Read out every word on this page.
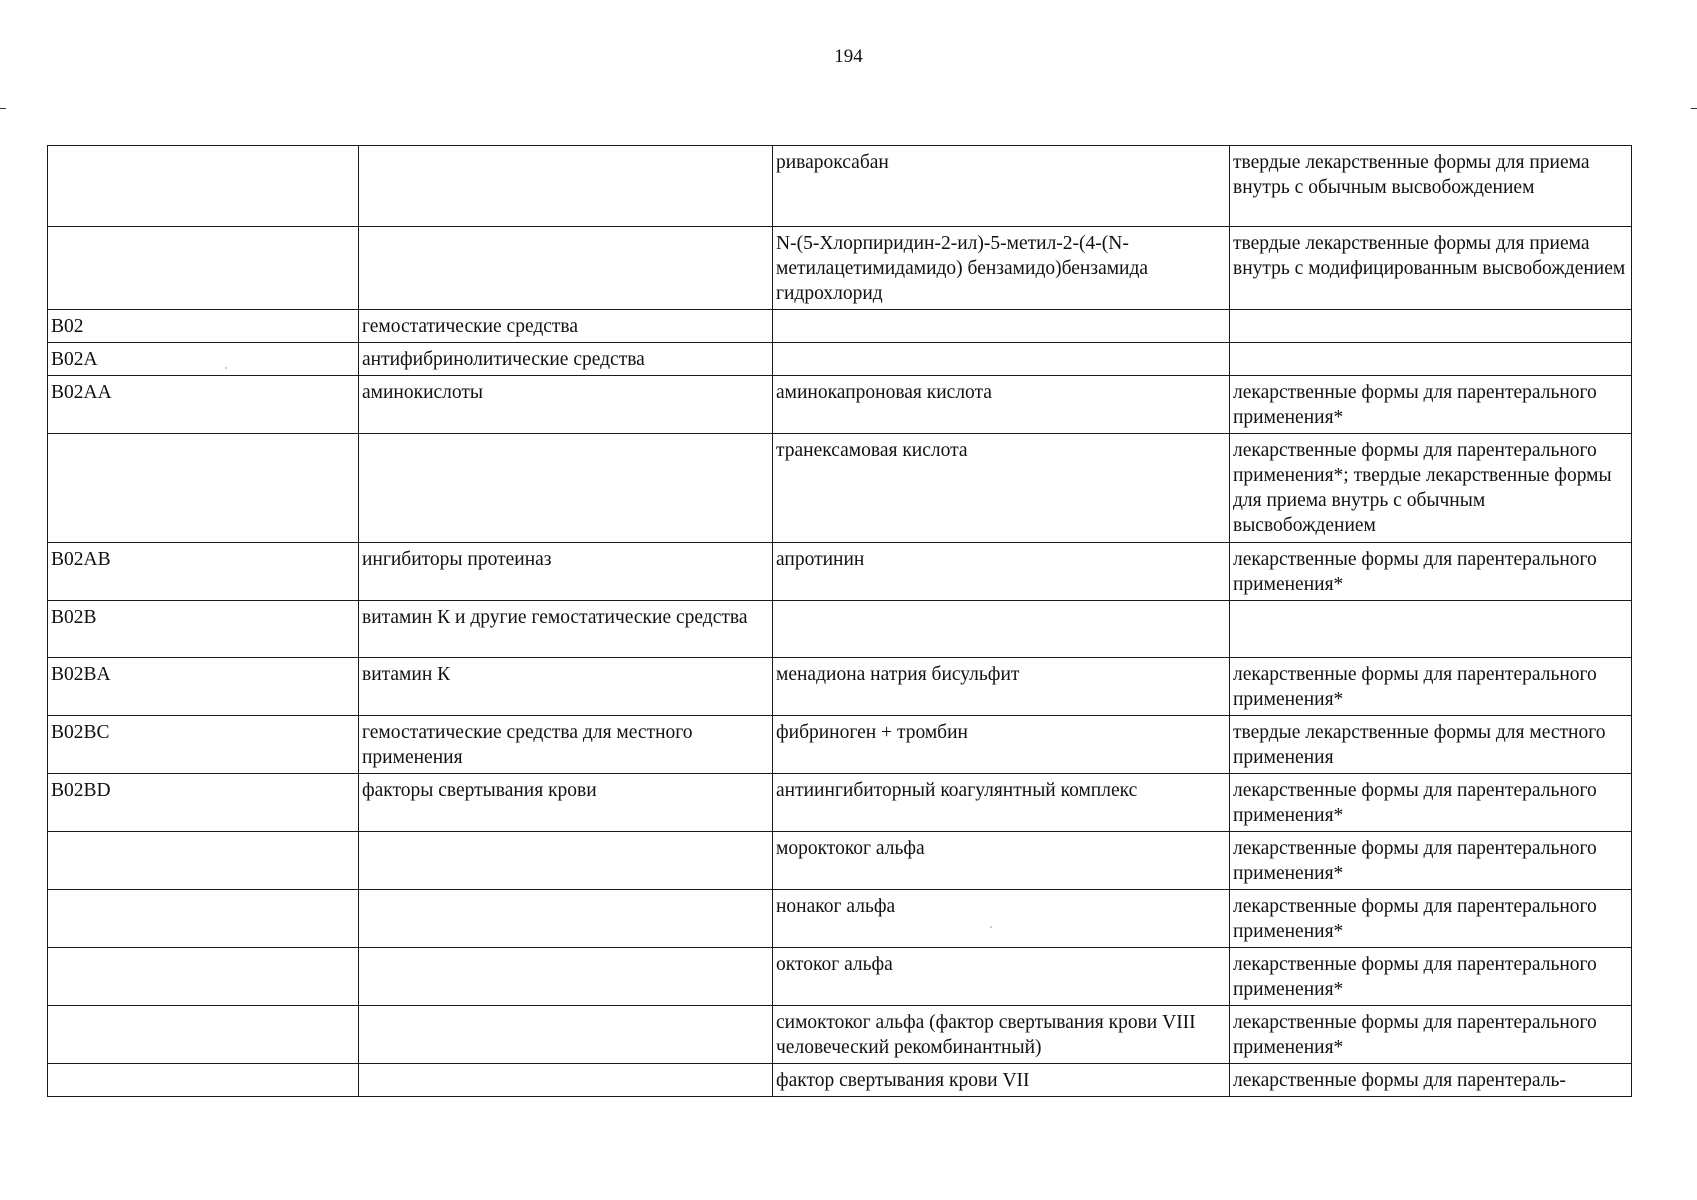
194
		ривароксабан	твердые лекарственные формы для приема внутрь с обычным высвобождением
		N-(5-Хлорпиридин-2-ил)-5-метил-2-(4-(N- метилацетимидамидо) бензамидо)бензамида гидрохлорид	твердые лекарственные формы для приема внутрь с модифицированным высвобождением
B02	гемостатические средства		
B02A	антифибринолитические средства		
B02AA	аминокислоты	аминокапроновая кислота	лекарственные формы для парентерального применения*
		транексамовая кислота	лекарственные формы для парентерального применения*; твердые лекарственные формы для приема внутрь с обычным высвобождением
B02AB	ингибиторы протеиназ	апротинин	лекарственные формы для парентерального применения*
B02B	витамин К и другие гемостатические средства		
B02BA	витамин К	менадиона натрия бисульфит	лекарственные формы для парентерального применения*
B02BC	гемостатические средства для местного применения	фибриноген + тромбин	твердые лекарственные формы для местного применения
B02BD	факторы свертывания крови	антиингибиторный коагулянтный комплекс	лекарственные формы для парентерального применения*
		мороктоког альфа	лекарственные формы для парентерального применения*
		нонаког альфа	лекарственные формы для парентерального применения*
		октоког альфа	лекарственные формы для парентерального применения*
		симоктоког альфа (фактор свертывания крови VIII человеческий рекомбинантный)	лекарственные формы для парентерального применения*
		фактор свертывания крови VII	лекарственные формы для парентераль-
